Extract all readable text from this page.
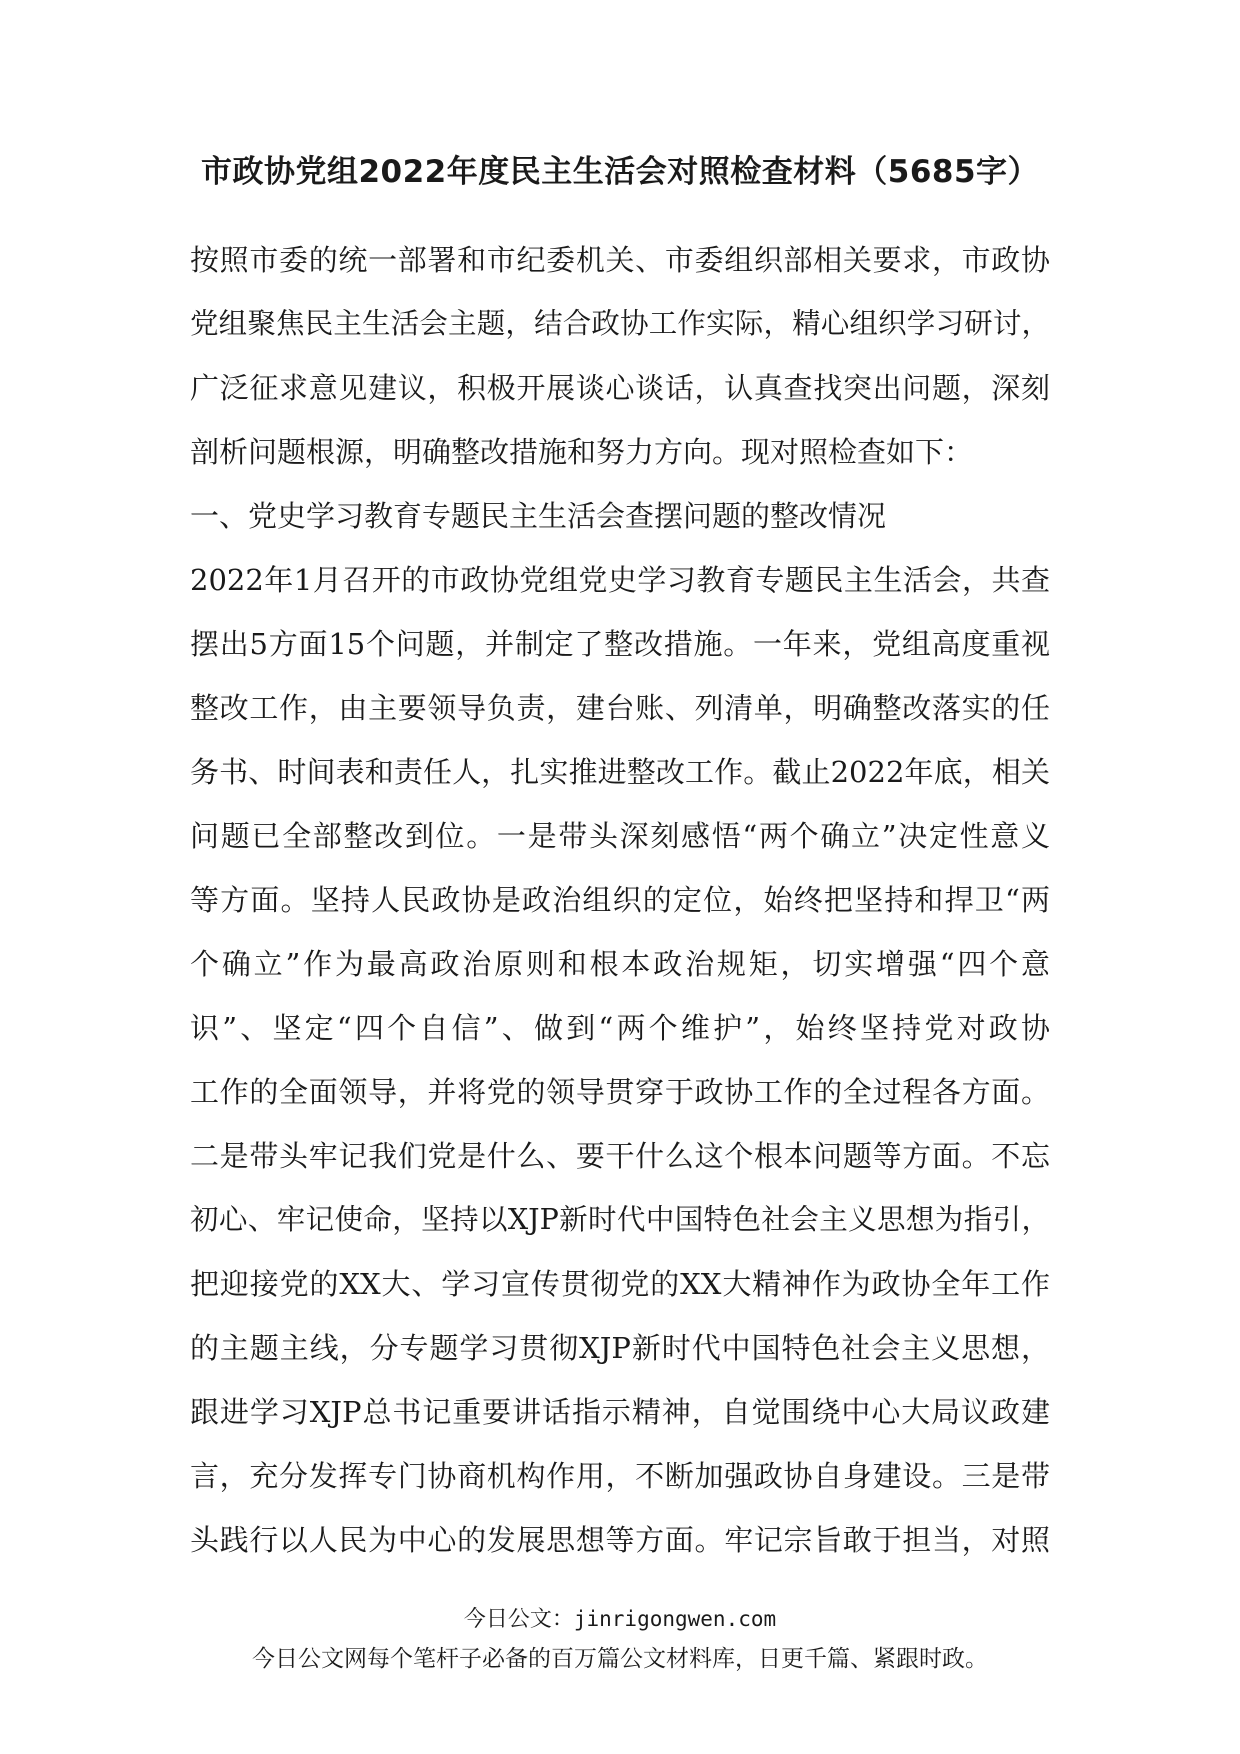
市政协党组2022年度民主生活会对照检查材料（5685字）
按照市委的统一部署和市纪委机关、市委组织部相关要求，市政协
党组聚焦民主生活会主题，结合政协工作实际，精心组织学习研讨，
广泛征求意见建议，积极开展谈心谈话，认真查找突出问题，深刻
剖析问题根源，明确整改措施和努力方向。现对照检查如下：
一、党史学习教育专题民主生活会查摆问题的整改情况
2022年1月召开的市政协党组党史学习教育专题民主生活会，共查
摆出5方面15个问题，并制定了整改措施。一年来，党组高度重视
整改工作，由主要领导负责，建台账、列清单，明确整改落实的任
务书、时间表和责任人，扎实推进整改工作。截止2022年底，相关
问题已全部整改到位。一是带头深刻感悟“两个确立”决定性意义
等方面。坚持人民政协是政治组织的定位，始终把坚持和捍卫“两
个确立”作为最高政治原则和根本政治规矩，切实增强“四个意
识”、坚定“四个自信”、做到“两个维护”，始终坚持党对政协
工作的全面领导，并将党的领导贯穿于政协工作的全过程各方面。
二是带头牢记我们党是什么、要干什么这个根本问题等方面。不忘
初心、牢记使命，坚持以XJP新时代中国特色社会主义思想为指引，
把迎接党的XX大、学习宣传贯彻党的XX大精神作为政协全年工作
的主题主线，分专题学习贯彻XJP新时代中国特色社会主义思想，
跟进学习XJP总书记重要讲话指示精神，自觉围绕中心大局议政建
言，充分发挥专门协商机构作用，不断加强政协自身建设。三是带
头践行以人民为中心的发展思想等方面。牢记宗旨敢于担当，对照
今日公文：jinrigongwen.com
今日公文网每个笔杆子必备的百万篇公文材料库，日更千篇、紧跟时政。
